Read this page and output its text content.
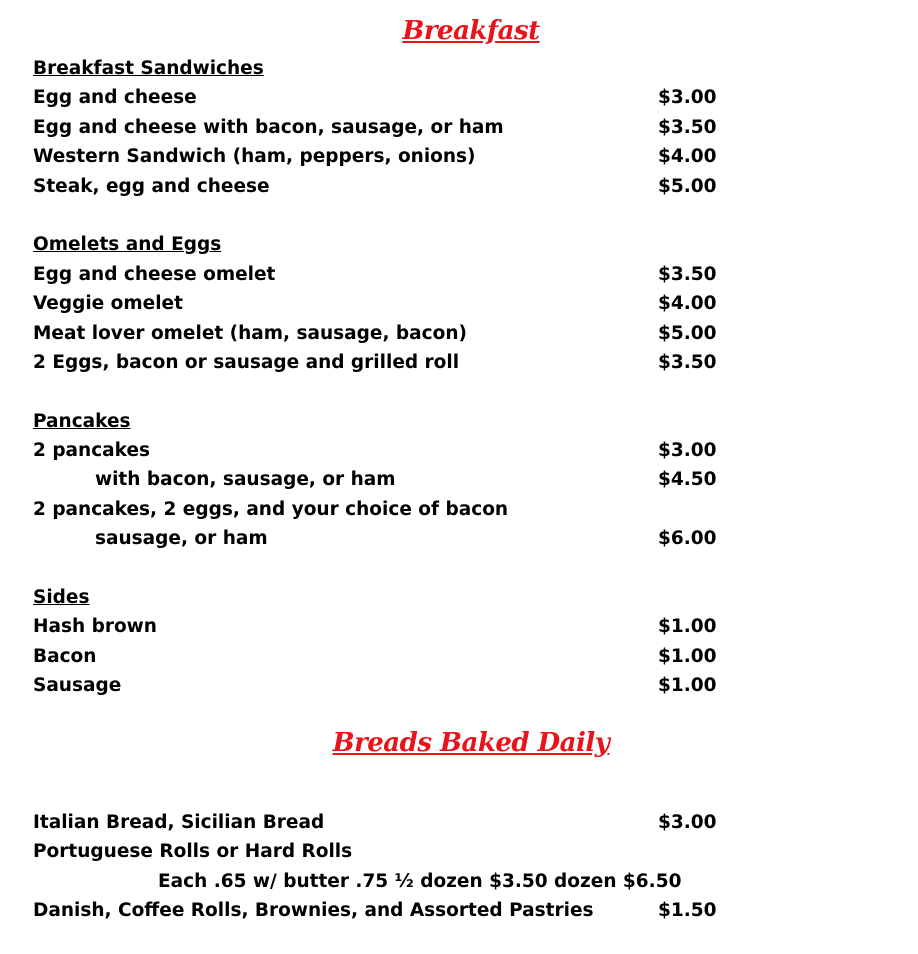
Breakfast
Breakfast Sandwiches
Egg and cheese	$3.00
Egg and cheese with bacon, sausage, or ham	$3.50
Western Sandwich (ham, peppers, onions)	$4.00
Steak, egg and cheese	$5.00
Omelets and Eggs
Egg and cheese omelet	$3.50
Veggie omelet	$4.00
Meat lover omelet (ham, sausage, bacon)	$5.00
2 Eggs, bacon or sausage and grilled roll	$3.50
Pancakes
2 pancakes	$3.00
with bacon, sausage, or ham	$4.50
2 pancakes, 2 eggs, and your choice of bacon
sausage, or ham	$6.00
Sides
Hash brown	$1.00
Bacon	$1.00
Sausage	$1.00
Breads Baked Daily
Italian Bread, Sicilian Bread	$3.00
Portuguese Rolls or Hard Rolls
Each .65 w/ butter .75 ½ dozen $3.50 dozen $6.50
Danish, Coffee Rolls, Brownies, and Assorted Pastries	$1.50
